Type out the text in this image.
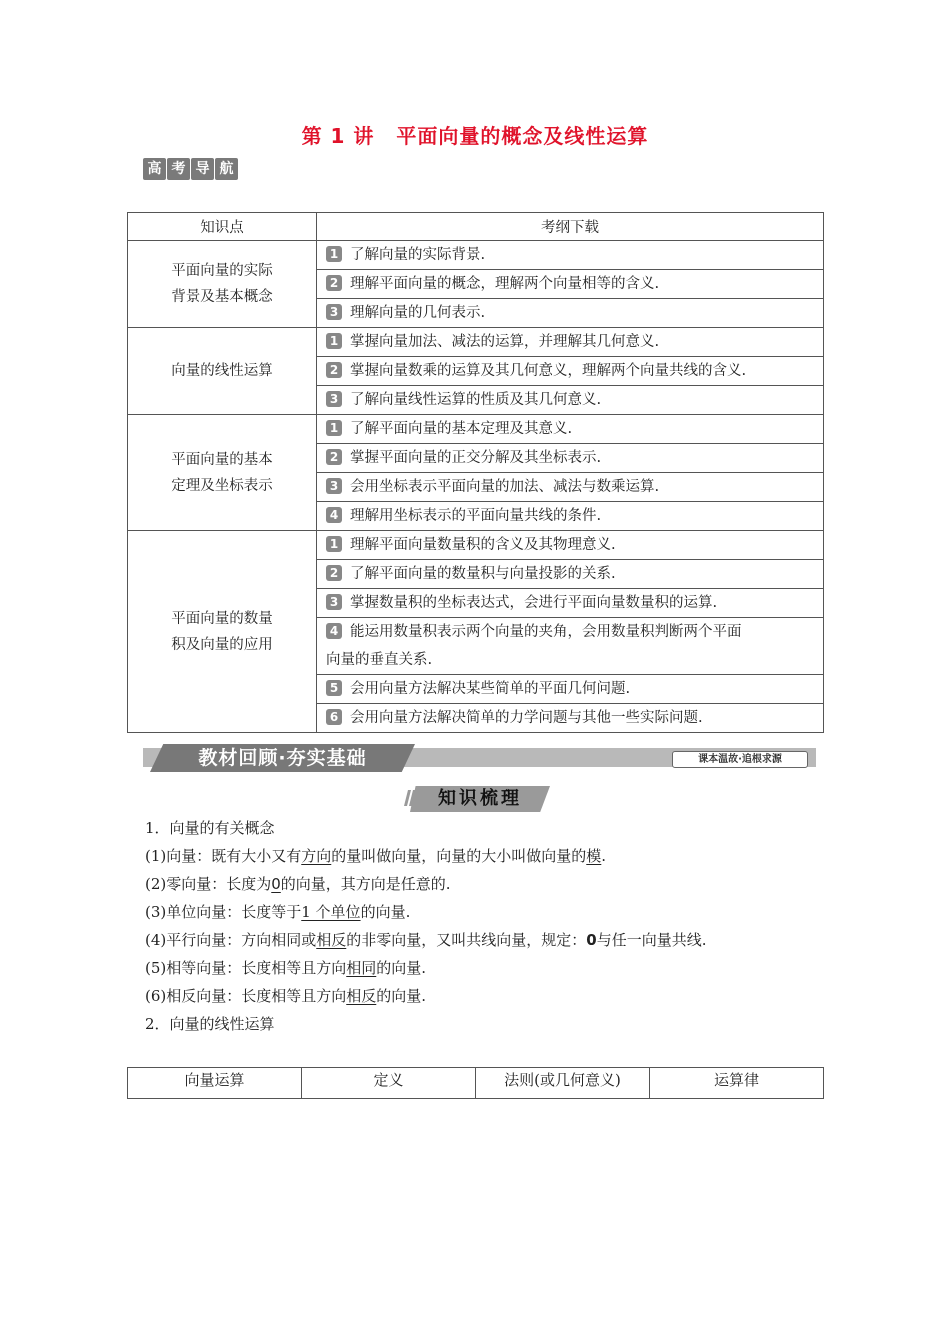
第 1 讲 平面向量的概念及线性运算
高 考 导 航
知识点	考纲下载

平面向量的实际
背景及基本概念	1 了解向量的实际背景.
	2 理解平面向量的概念，理解两个向量相等的含义.
	3 理解向量的几何表示.

向量的线性运算	1 掌握向量加法、减法的运算，并理解其几何意义.
	2 掌握向量数乘的运算及其几何意义，理解两个向量共线的含义.
	3 了解向量线性运算的性质及其几何意义.

平面向量的基本
定理及坐标表示	1 了解平面向量的基本定理及其意义.
	2 掌握平面向量的正交分解及其坐标表示.
	3 会用坐标表示平面向量的加法、减法与数乘运算.
	4 理解用坐标表示的平面向量共线的条件.

平面向量的数量
积及向量的应用	1 理解平面向量数量积的含义及其物理意义.
	2 了解平面向量的数量积与向量投影的关系.
	3 掌握数量积的坐标表达式，会进行平面向量数量积的运算.

	4 能运用数量积表示两个向量的夹角，会用数量积判断两个平面
向量的垂直关系.

	5 会用向量方法解决某些简单的平面几何问题.
	6 会用向量方法解决简单的力学问题与其他一些实际问题.
教材回顾·夯实基础	课本温故·追根求源
知识梳理
1．向量的有关概念
(1)向量：既有大小又有方向的量叫做向量，向量的大小叫做向量的模.
(2)零向量：长度为0的向量，其方向是任意的.
(3)单位向量：长度等于1 个单位的向量.
(4)平行向量：方向相同或相反的非零向量，又叫共线向量，规定：0与任一向量共线.
(5)相等向量：长度相等且方向相同的向量.
(6)相反向量：长度相等且方向相反的向量.
2．向量的线性运算
向量运算	定义	法则(或几何意义)	运算律
